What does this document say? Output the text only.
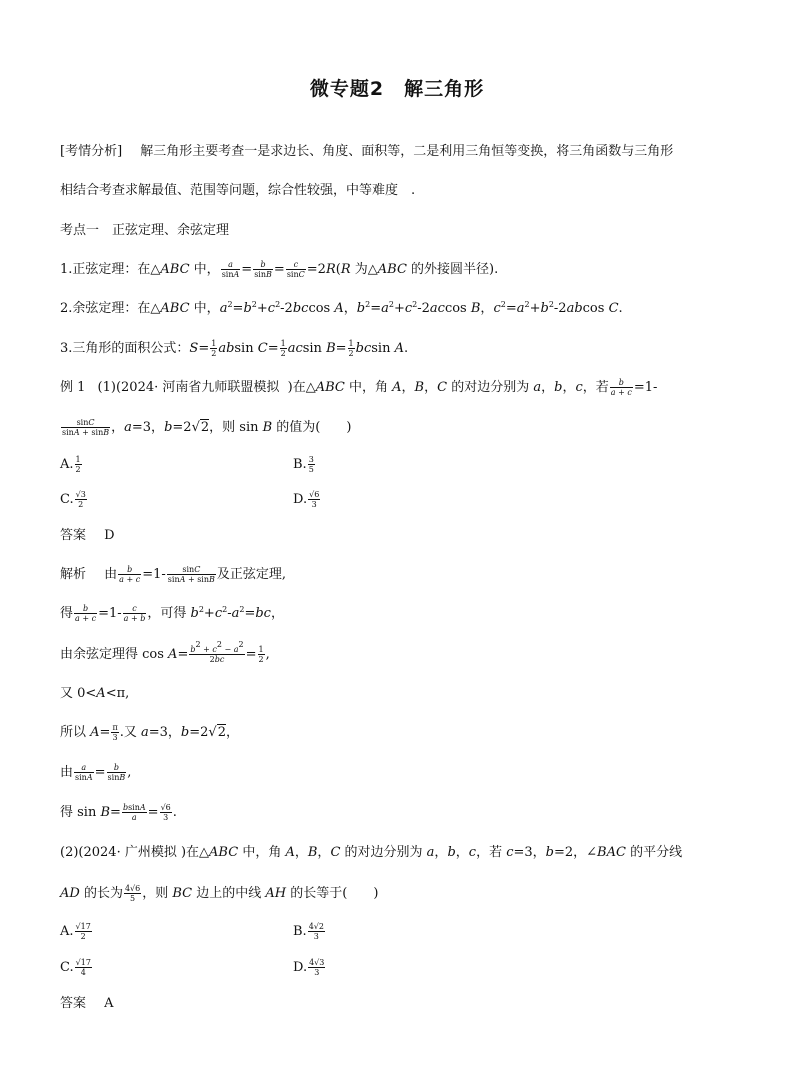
微专题2　解三角形
[考情分析] 解三角形主要考查一是求边长、角度、面积等，二是利用三角恒等变换，将三角函数与三角形
相结合考查求解最值、范围等问题，综合性较强，中等难度　.
考点一　正弦定理、余弦定理
1.正弦定理：在△ABC 中， $\frac{a}{\sin A} = \frac{b}{\sin B} = \frac{c}{\sin C} =2R(R$ 为△ABC 的外接圆半径).
2.余弦定理：在△ABC 中，$a^2=b^2+c^2-2bccos$ A，$b^2=a^2+c^2-2accos$ B，$c^2=a^2+b^2-2abcos$ C.
3.三角形的面积公式：$S= \frac{1}{2}$ absin $C= \frac{1}{2}$ acsin $B= \frac{1}{2}$ bcsin A.
例 1 (1)(2024· 河南省九师联盟模拟  )在△ABC 中，角 A，B，C 的对边分别为 a，b，c，若 $\frac{b}{a + c} =1-$
$\frac{\sin C}{\sin A + \sin B}$ ，a=3，b=2√2，则 sin B 的值为(　　)
A. $\frac{1}{2}$	B. $\frac{3}{5}$
C. $\frac{√3}{2}$	D. $\frac{√6}{3}$
答案 D
解析 由 $\frac{b}{a + c} =1- \frac{\sin C}{\sin A + \sin B}$ 及正弦定理,
得 $\frac{b}{a + c} =1- \frac{c}{a + b}$ ，可得 $b^2+c^2-a^2=bc$，
由余弦定理得 $\cos A= \frac{b^2 + c^2 - a^2}{2bc} = \frac{1}{2}$ ,
又 0<A<π,
所以 $A= \frac{\pi}{3}$ .又 a=3，b=2√2，
由 $\frac{a}{\sin A} = \frac{b}{\sin B}$ ,
得 $\sin B= \frac{bsinA}{a} = \frac{√6}{3}$ .
(2)(2024· 广州模拟 )在△ABC 中，角 A，B，C 的对边分别为 a，b，c，若 c=3，b=2，∠BAC 的平分线
AD 的长为 $\frac{4√6}{5}$ ，则 BC 边上的中线 AH 的长等于(　　)
A. $\frac{√17}{2}$	B. $\frac{4√2}{3}$
C. $\frac{√17}{4}$	D. $\frac{4√3}{3}$
答案 A
